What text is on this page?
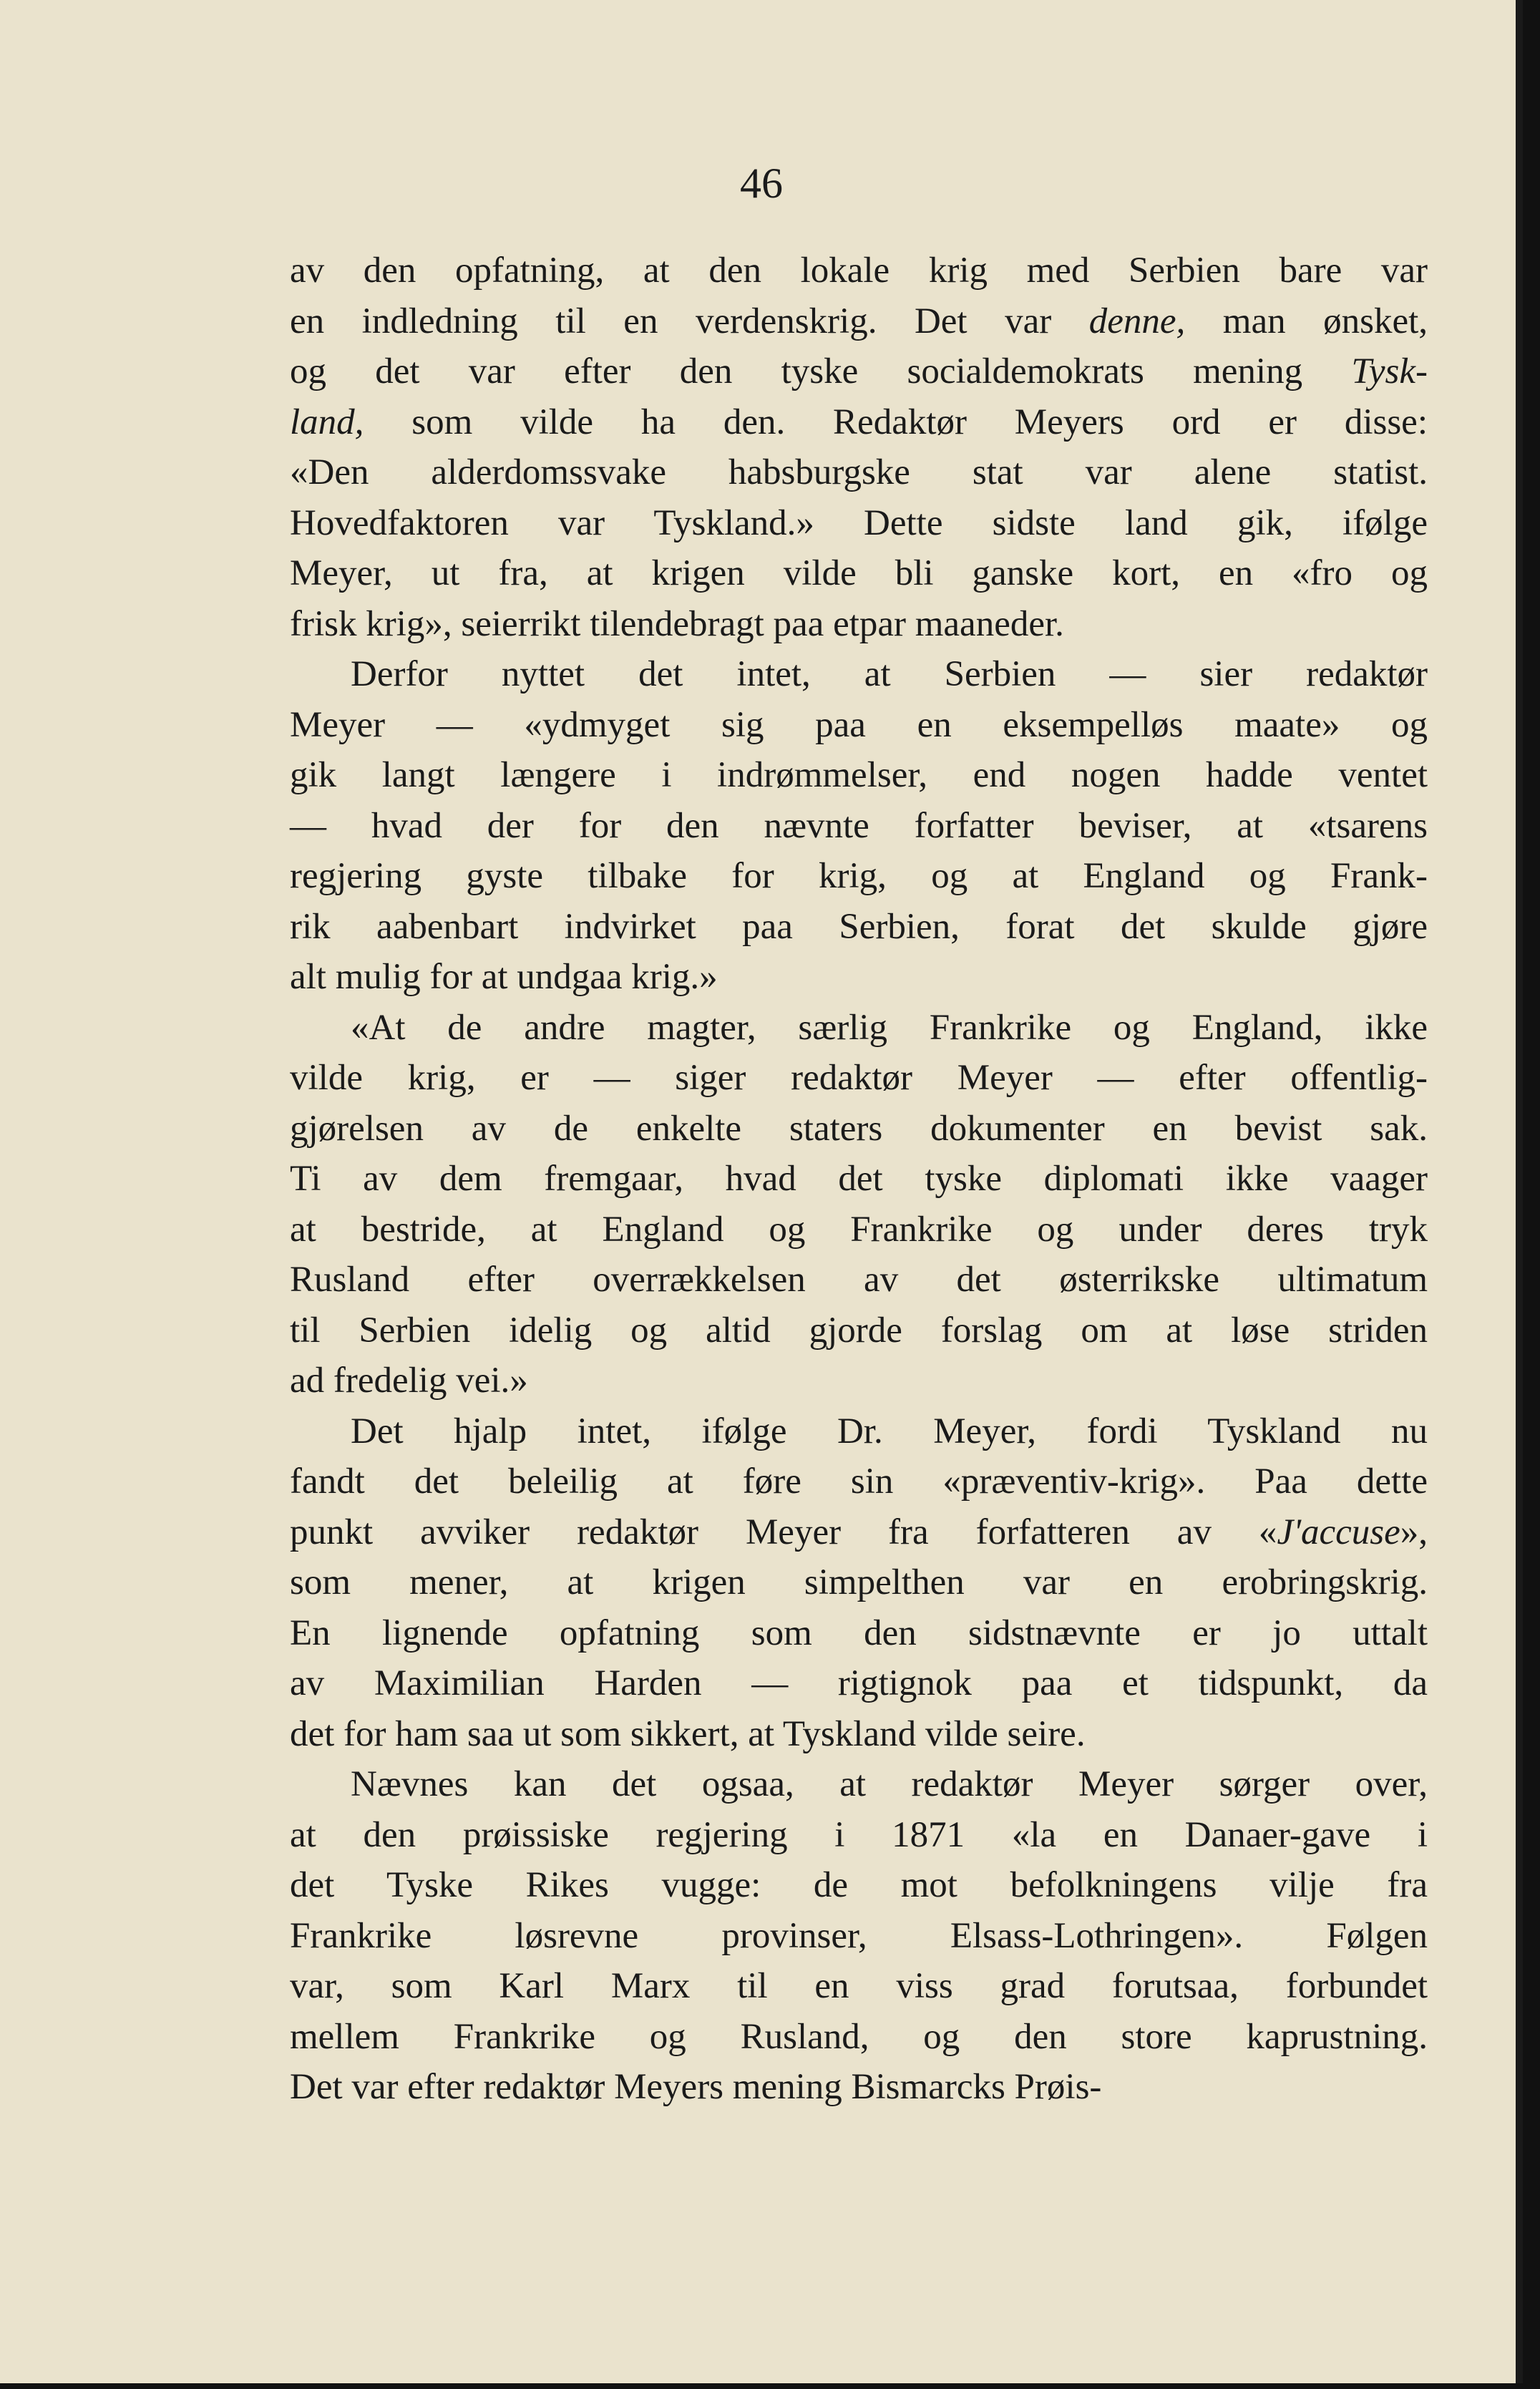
46

av den opfatning, at den lokale krig med Serbien bare var
en indledning til en verdenskrig. Det var denne, man ønsket,
og det var efter den tyske socialdemokrats mening Tysk-
land, som vilde ha den. Redaktør Meyers ord er disse:
«Den alderdomssvake habsburgske stat var alene statist.
Hovedfaktoren var Tyskland.» Dette sidste land gik, ifølge
Meyer, ut fra, at krigen vilde bli ganske kort, en «fro og
frisk krig», seierrikt tilendebragt paa etpar maaneder.

Derfor nyttet det intet, at Serbien — sier redaktør
Meyer — «ydmyget sig paa en eksempelløs maate» og
gik langt længere i indrømmelser, end nogen hadde ventet
— hvad der for den nævnte forfatter beviser, at «tsarens
regjering gyste tilbake for krig, og at England og Frank-
rik aabenbart indvirket paa Serbien, forat det skulde gjøre
alt mulig for at undgaa krig.»

«At de andre magter, særlig Frankrike og England, ikke
vilde krig, er — siger redaktør Meyer — efter offentlig-
gjørelsen av de enkelte staters dokumenter en bevist sak.
Ti av dem fremgaar, hvad det tyske diplomati ikke vaager
at bestride, at England og Frankrike og under deres tryk
Rusland efter overrækkelsen av det østerrikske ultimatum
til Serbien idelig og altid gjorde forslag om at løse striden
ad fredelig vei.»

Det hjalp intet, ifølge Dr. Meyer, fordi Tyskland nu
fandt det beleilig at føre sin «præventiv-krig». Paa dette
punkt avviker redaktør Meyer fra forfatteren av «J'accuse»,
som mener, at krigen simpelthen var en erobringskrig.
En lignende opfatning som den sidstnævnte er jo uttalt
av Maximilian Harden — rigtignok paa et tidspunkt, da
det for ham saa ut som sikkert, at Tyskland vilde seire.

Nævnes kan det ogsaa, at redaktør Meyer sørger over,
at den prøissiske regjering i 1871 «la en Danaer-gave i
det Tyske Rikes vugge: de mot befolkningens vilje fra
Frankrike løsrevne provinser, Elsass-Lothringen». Følgen
var, som Karl Marx til en viss grad forutsaa, forbundet
mellem Frankrike og Rusland, og den store kaprustning.
Det var efter redaktør Meyers mening Bismarcks Prøis-
